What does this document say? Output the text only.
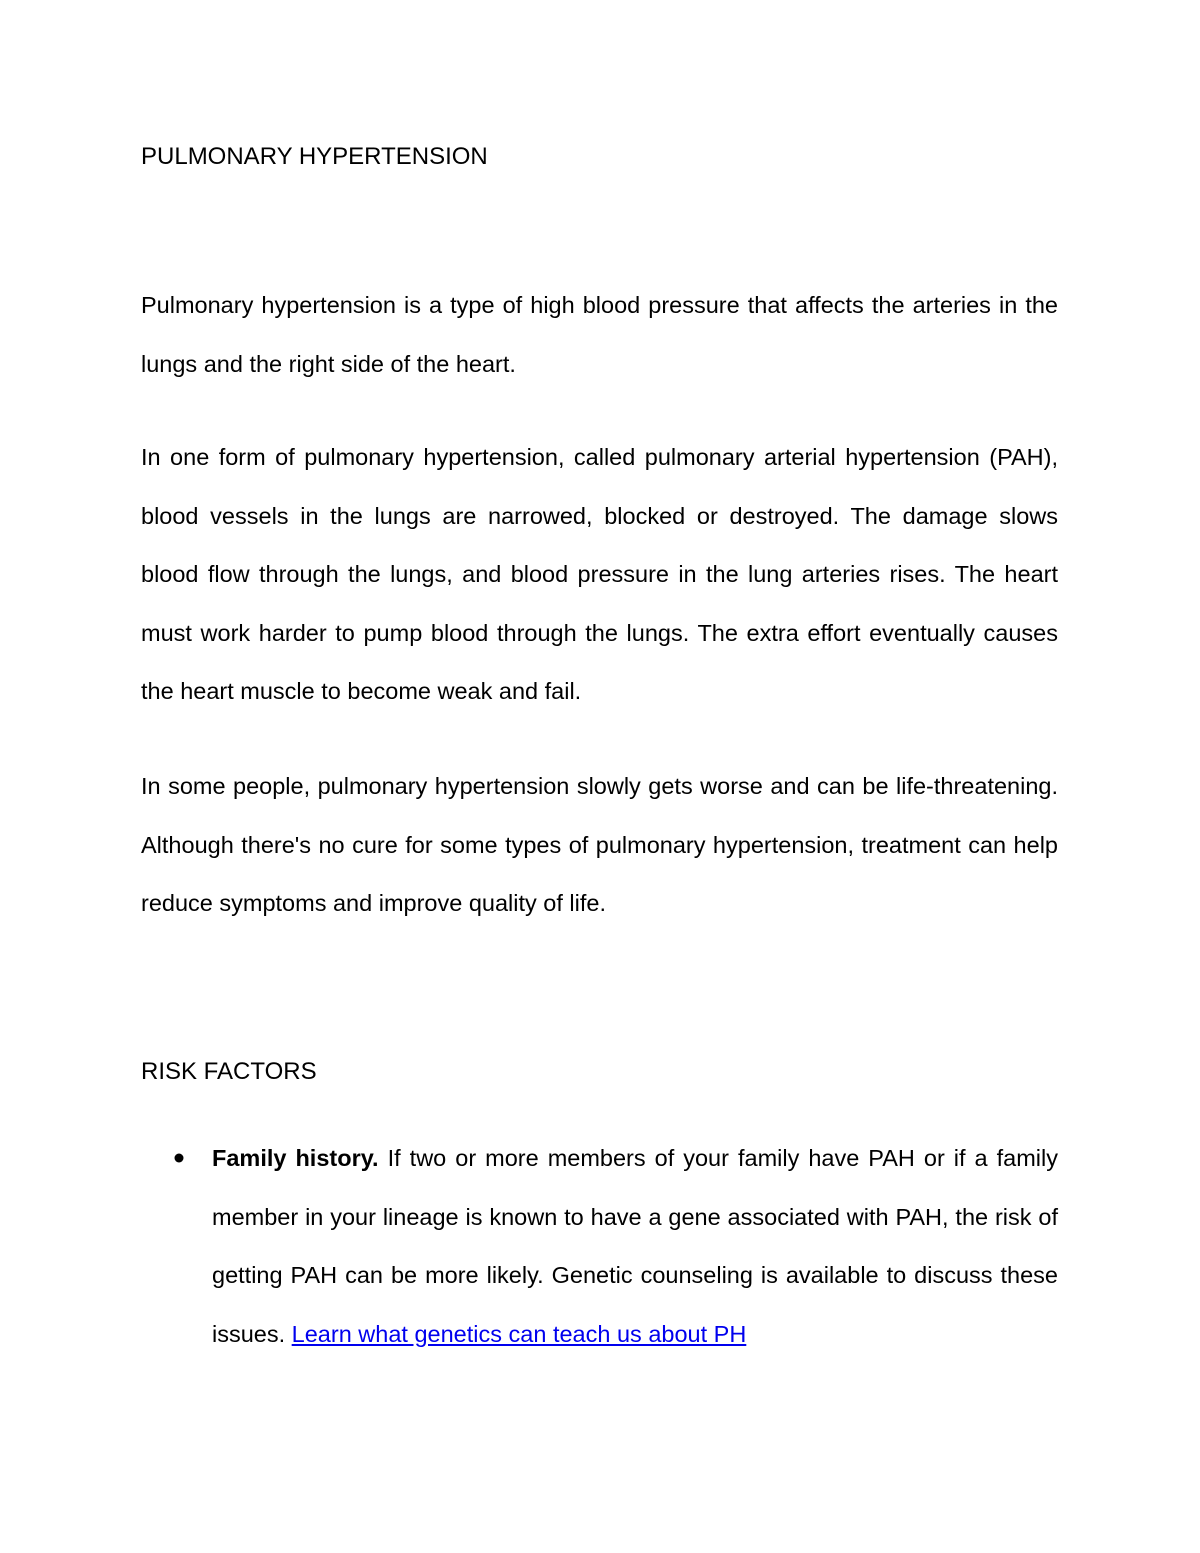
PULMONARY HYPERTENSION

Pulmonary hypertension is a type of high blood pressure that affects the arteries in the lungs and the right side of the heart.

In one form of pulmonary hypertension, called pulmonary arterial hypertension (PAH), blood vessels in the lungs are narrowed, blocked or destroyed. The damage slows blood flow through the lungs, and blood pressure in the lung arteries rises. The heart must work harder to pump blood through the lungs. The extra effort eventually causes the heart muscle to become weak and fail.

In some people, pulmonary hypertension slowly gets worse and can be life-threatening. Although there's no cure for some types of pulmonary hypertension, treatment can help reduce symptoms and improve quality of life.

RISK FACTORS

Family history. If two or more members of your family have PAH or if a family member in your lineage is known to have a gene associated with PAH, the risk of getting PAH can be more likely. Genetic counseling is available to discuss these issues. Learn what genetics can teach us about PH
